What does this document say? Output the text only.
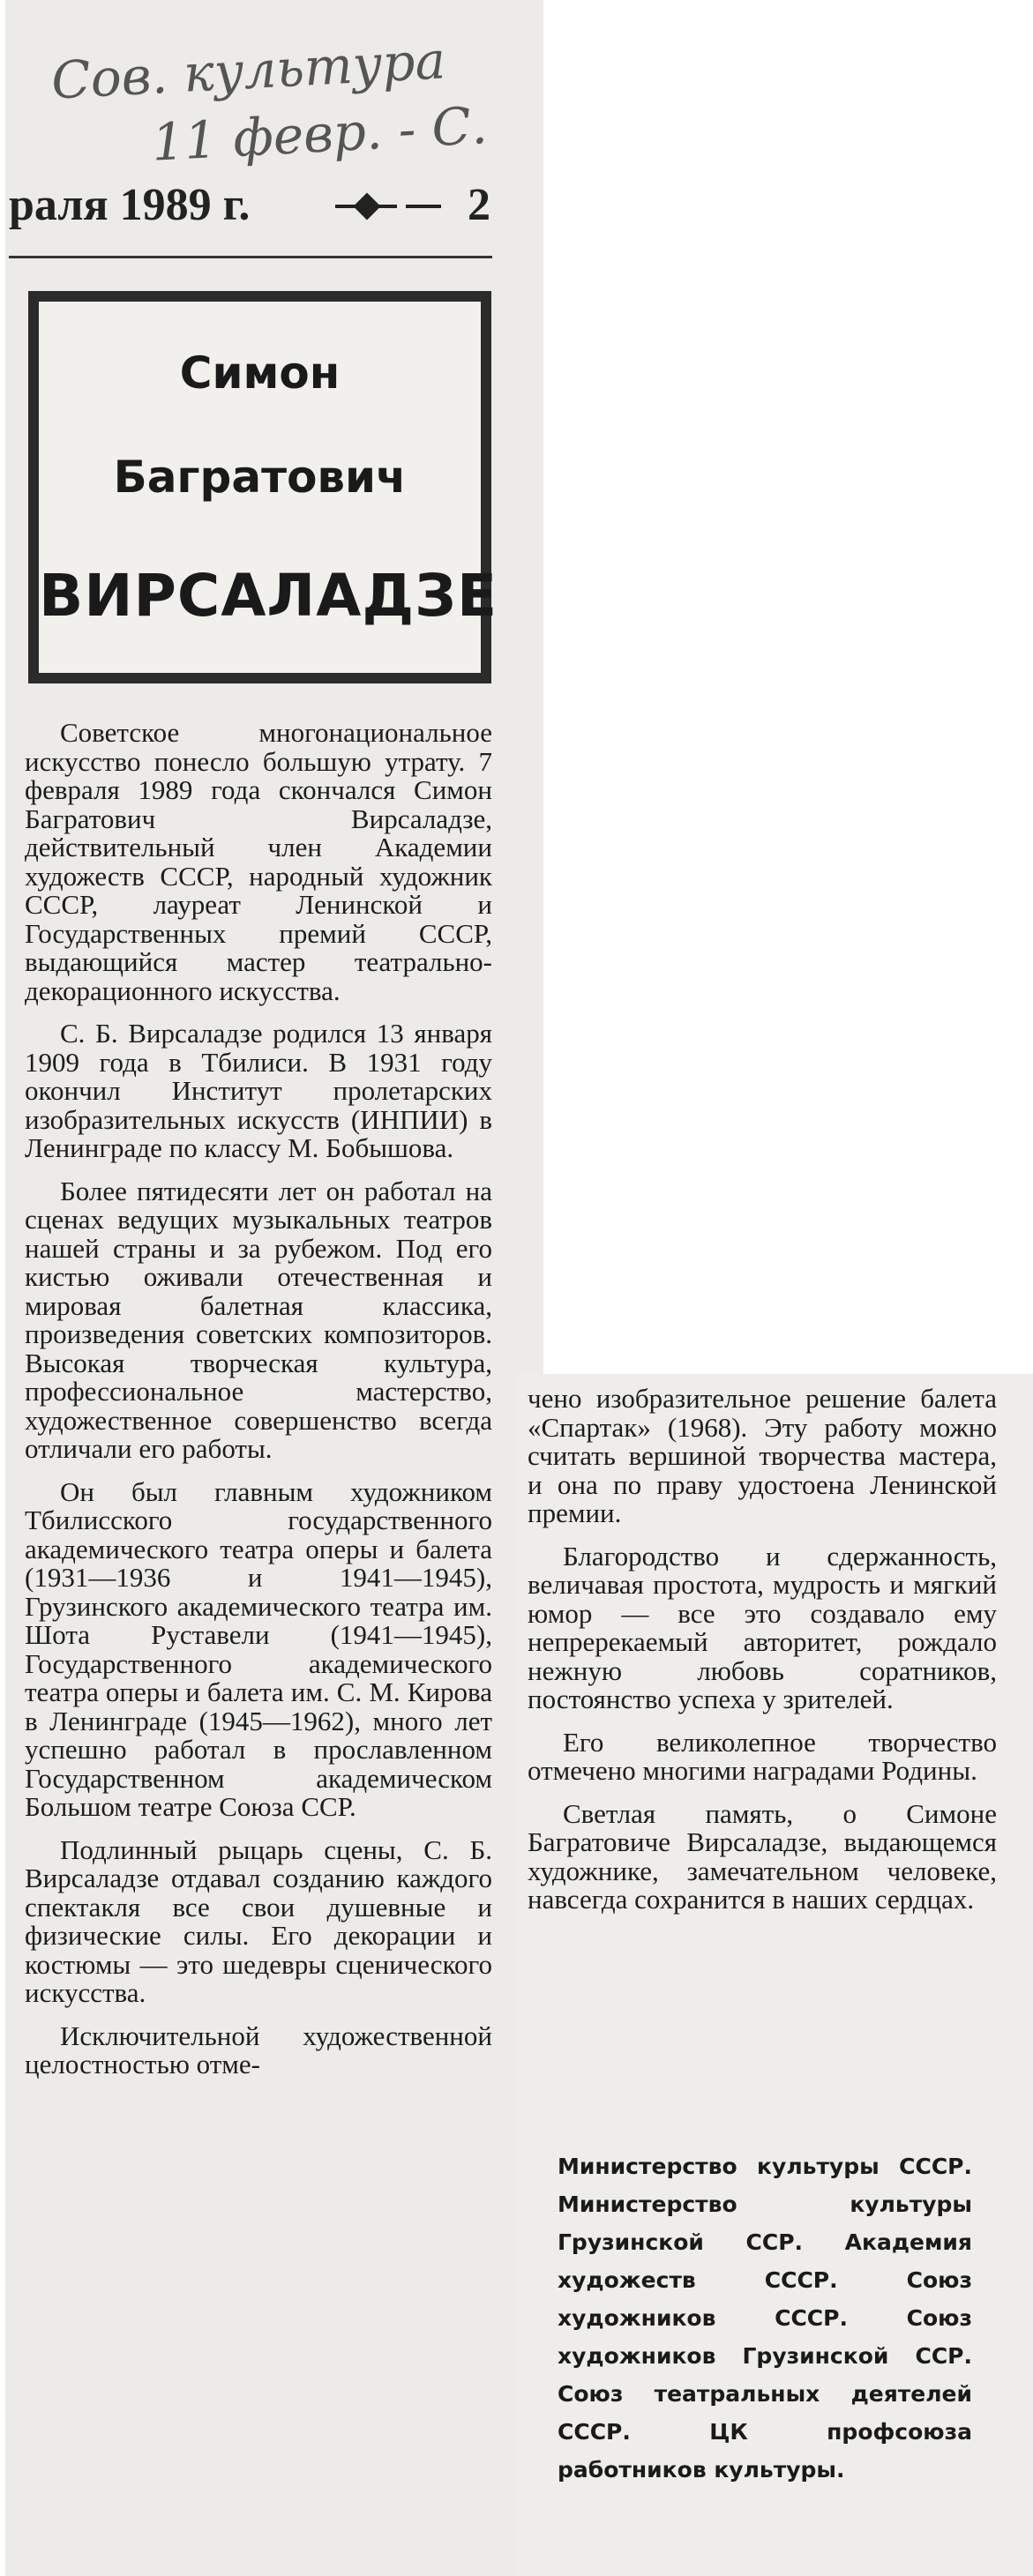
Сов. культура
11 февр. - С.
раля 1989 г.	2
Симон
Багратович
ВИРСАЛАДЗЕ

Советское многонациональное искусство понесло большую утрату. 7 февраля 1989 года скончался Симон Багратович Вирсаладзе, действительный член Академии художеств СССР, народный художник СССР, лауреат Ленинской и Государственных премий СССР, выдающийся мастер театрально-декорационного искусства.

С. Б. Вирсаладзе родился 13 января 1909 года в Тбилиси. В 1931 году окончил Институт пролетарских изобразительных искусств (ИНПИИ) в Ленинграде по классу М. Бобышова.

Более пятидесяти лет он работал на сценах ведущих музыкальных театров нашей страны и за рубежом. Под его кистью оживали отечественная и мировая балетная классика, произведения советских композиторов. Высокая творческая культура, профессиональное мастерство, художественное совершенство всегда отличали его работы.

Он был главным художником Тбилисского государственного академического театра оперы и балета (1931—1936 и 1941—1945), Грузинского академического театра им. Шота Руставели (1941—1945), Государственного академического театра оперы и балета им. С. М. Кирова в Ленинграде (1945—1962), много лет успешно работал в прославленном Государственном академическом Большом театре Союза ССР.

Подлинный рыцарь сцены, С. Б. Вирсаладзе отдавал созданию каждого спектакля все свои душевные и физические силы. Его декорации и костюмы — это шедевры сценического искусства.

Исключительной художественной целостностью отме-

чено изобразительное решение балета «Спартак» (1968). Эту работу можно считать вершиной творчества мастера, и она по праву удостоена Ленинской премии.

Благородство и сдержанность, величавая простота, мудрость и мягкий юмор — все это создавало ему непререкаемый авторитет, рождало нежную любовь соратников, постоянство успеха у зрителей.

Его великолепное творчество отмечено многими наградами Родины.

Светлая память, о Симоне Багратовиче Вирсаладзе, выдающемся художнике, замечательном человеке, навсегда сохранится в наших сердцах.

Министерство культуры СССР. Министерство культуры Грузинской ССР. Академия художеств СССР. Союз художников СССР. Союз художников Грузинской ССР. Союз театральных деятелей СССР. ЦК профсоюза работников культуры.
